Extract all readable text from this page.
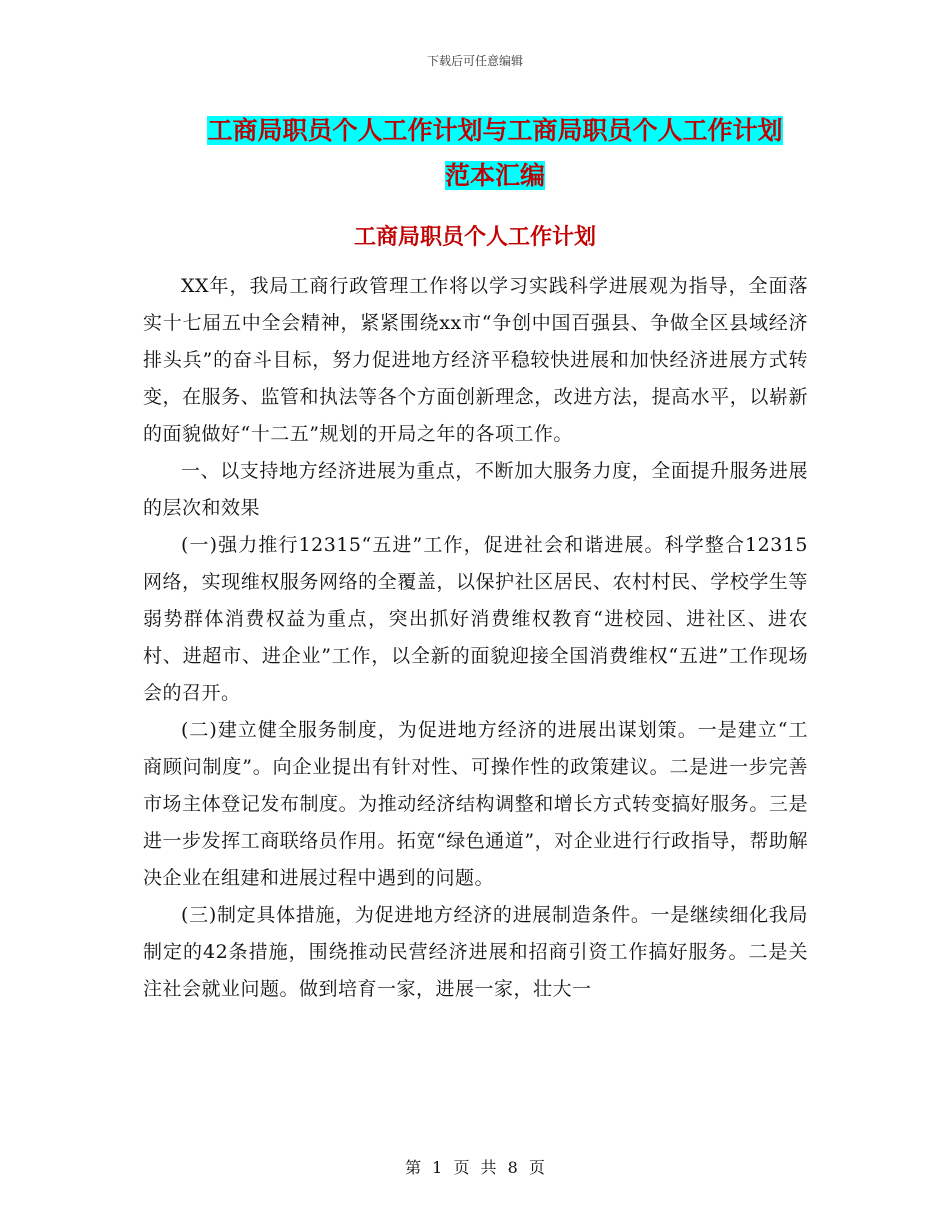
下载后可任意编辑
工商局职员个人工作计划与工商局职员个人工作计划
范本汇编
工商局职员个人工作计划

XX年，我局工商行政管理工作将以学习实践科学进展观为指导，全面落实十七届五中全会精神，紧紧围绕xx市“争创中国百强县、争做全区县域经济排头兵”的奋斗目标，努力促进地方经济平稳较快进展和加快经济进展方式转变，在服务、监管和执法等各个方面创新理念，改进方法，提高水平，以崭新的面貌做好“十二五”规划的开局之年的各项工作。

一、以支持地方经济进展为重点，不断加大服务力度，全面提升服务进展的层次和效果

(一)强力推行12315“五进”工作，促进社会和谐进展。科学整合12315网络，实现维权服务网络的全覆盖，以保护社区居民、农村村民、学校学生等弱势群体消费权益为重点，突出抓好消费维权教育“进校园、进社区、进农村、进超市、进企业”工作，以全新的面貌迎接全国消费维权“五进”工作现场会的召开。

(二)建立健全服务制度，为促进地方经济的进展出谋划策。一是建立“工商顾问制度”。向企业提出有针对性、可操作性的政策建议。二是进一步完善市场主体登记发布制度。为推动经济结构调整和增长方式转变搞好服务。三是进一步发挥工商联络员作用。拓宽“绿色通道”，对企业进行行政指导，帮助解决企业在组建和进展过程中遇到的问题。

(三)制定具体措施，为促进地方经济的进展制造条件。一是继续细化我局制定的42条措施，围绕推动民营经济进展和招商引资工作搞好服务。二是关注社会就业问题。做到培育一家，进展一家，壮大一

第 1 页 共 8 页
